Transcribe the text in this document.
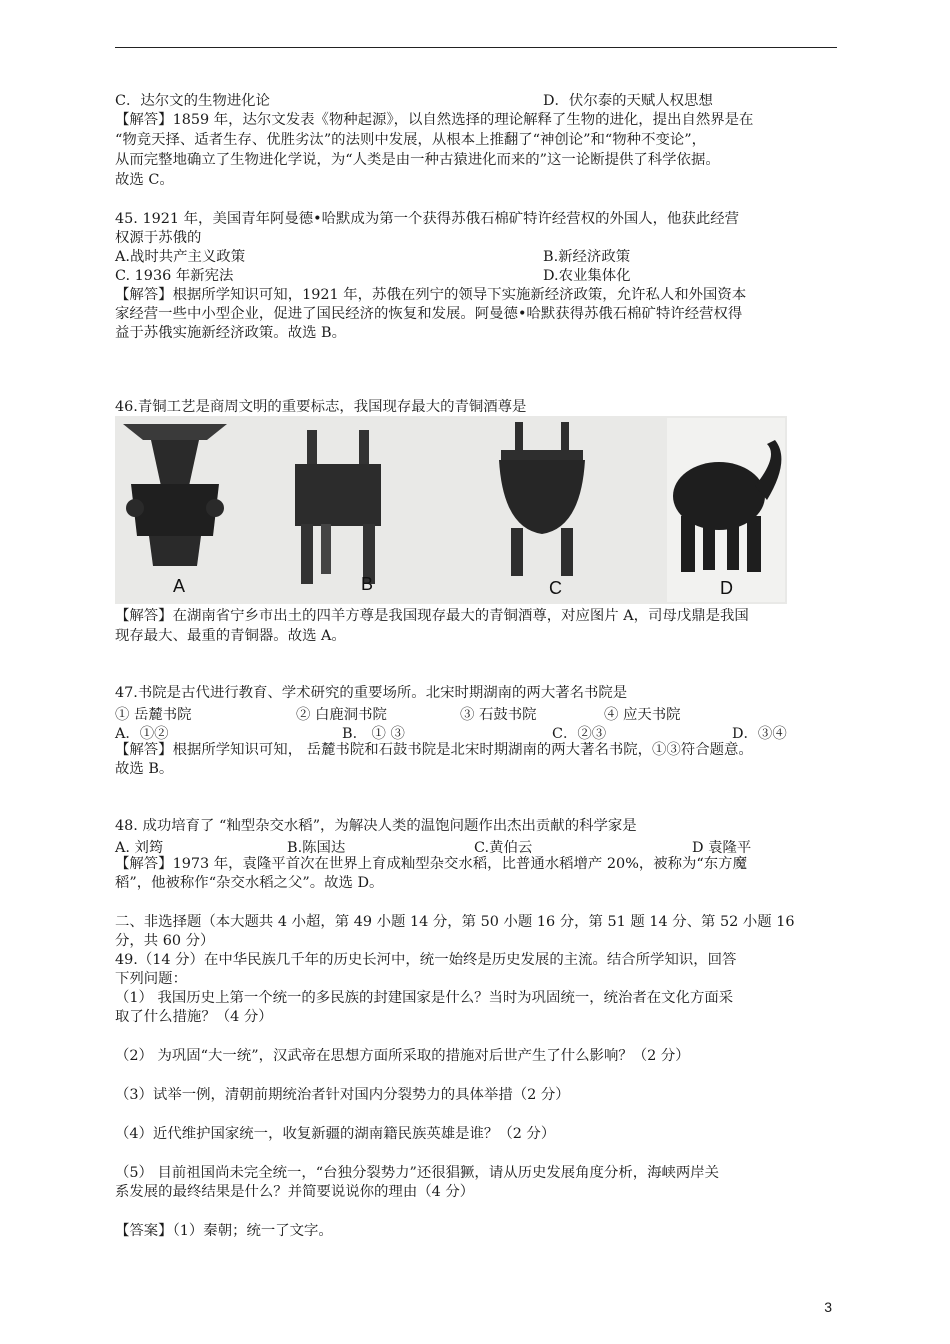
C．达尔文的生物进化论	D．伏尔泰的天赋人权思想
【解答】1859 年，达尔文发表《物种起源》，以自然选择的理论解释了生物的进化，提出自然界是在
“物竞天择、适者生存、优胜劣汰”的法则中发展，从根本上推翻了“神创论”和“物种不变论”，
从而完整地确立了生物进化学说，为“人类是由一种古猿进化而来的”这一论断提供了科学依据。
故选 C。
45. 1921 年，美国青年阿曼德•哈默成为第一个获得苏俄石棉矿特许经营权的外国人，他获此经营
权源于苏俄的
A.战时共产主义政策	B.新经济政策
C. 1936 年新宪法	D.农业集体化
【解答】根据所学知识可知，1921 年，苏俄在列宁的领导下实施新经济政策，允许私人和外国资本
家经营一些中小型企业，促进了国民经济的恢复和发展。阿曼德•哈默获得苏俄石棉矿特许经营权得
益于苏俄实施新经济政策。故选 B。
46.青铜工艺是商周文明的重要标志，我国现存最大的青铜酒尊是
A	B	C	D
【解答】在湖南省宁乡市出土的四羊方尊是我国现存最大的青铜酒尊，对应图片 A，司母戊鼎是我国
现存最大、最重的青铜器。故选 A。
47.书院是古代进行教育、学术研究的重要场所。北宋时期湖南的两大著名书院是
① 岳麓书院	② 白鹿洞书院	③ 石鼓书院	④ 应天书院
A．①②	B． ① ③	C．②③	D．③④
【解答】根据所学知识可知， 岳麓书院和石鼓书院是北宋时期湖南的两大著名书院，①③符合题意。
故选 B。
48. 成功培育了 “籼型杂交水稻”，为解决人类的温饱问题作出杰出贡献的科学家是
A. 刘筠	B.陈国达	C.黄伯云	D 袁隆平
【解答】1973 年，袁隆平首次在世界上育成籼型杂交水稻，比普通水稻增产 20%，被称为“东方魔
稻”，他被称作“杂交水稻之父”。故选 D。
二、非选择题（本大题共 4 小超，第 49 小题 14 分，第 50 小题 16 分，第 51 题 14 分、第 52 小题 16
分，共 60 分）
49.（14 分）在中华民族几千年的历史长河中，统一始终是历史发展的主流。结合所学知识，回答
下列问题：
（1） 我国历史上第一个统一的多民族的封建国家是什么？当时为巩固统一，统治者在文化方面采
取了什么措施？（4 分）
（2） 为巩固“大一统”，汉武帝在思想方面所采取的措施对后世产生了什么影响？（2 分）
（3）试举一例，清朝前期统治者针对国内分裂势力的具体举措（2 分）
（4）近代维护国家统一，收复新疆的湖南籍民族英雄是谁？（2 分）
（5） 目前祖国尚未完全统一，“台独分裂势力”还很猖獗，请从历史发展角度分析，海峡两岸关
系发展的最终结果是什么？并简要说说你的理由（4 分）
【答案】（1）秦朝；统一了文字。
3
